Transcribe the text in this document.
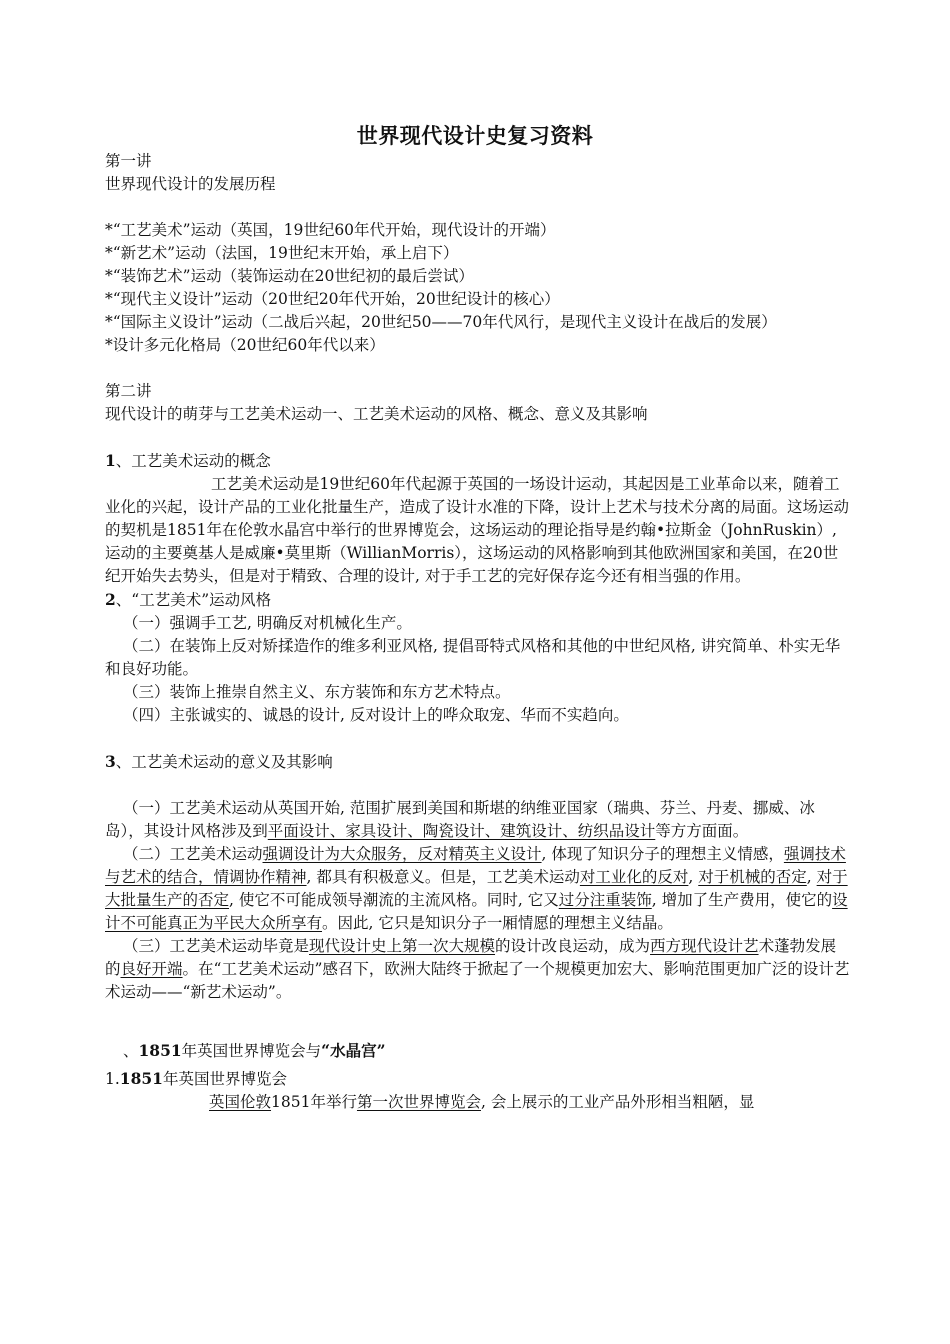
世界现代设计史复习资料

第一讲

世界现代设计的发展历程

*“工艺美术”运动（英国，19世纪60年代开始，现代设计的开端）

*“新艺术”运动（法国，19世纪末开始，承上启下）

*“装饰艺术”运动（装饰运动在20世纪初的最后尝试）

*“现代主义设计”运动（20世纪20年代开始，20世纪设计的核心）

*“国际主义设计”运动（二战后兴起，20世纪50——70年代风行，是现代主义设计在战后的发展）

*设计多元化格局（20世纪60年代以来）

第二讲

现代设计的萌芽与工艺美术运动一、工艺美术运动的风格、概念、意义及其影响

1、工艺美术运动的概念

工艺美术运动是19世纪60年代起源于英国的一场设计运动，其起因是工业革命以来，随着工业化的兴起，设计产品的工业化批量生产，造成了设计水准的下降，设计上艺术与技术分离的局面。这场运动的契机是1851年在伦敦水晶宫中举行的世界博览会，这场运动的理论指导是约翰•拉斯金（JohnRuskin）, 运动的主要奠基人是威廉•莫里斯（WillianMorris），这场运动的风格影响到其他欧洲国家和美国，在20世纪开始失去势头，但是对于精致、合理的设计, 对于手工艺的完好保存迄今还有相当强的作用。

2、“工艺美术”运动风格

（一）强调手工艺, 明确反对机械化生产。

（二）在装饰上反对矫揉造作的维多利亚风格, 提倡哥特式风格和其他的中世纪风格, 讲究简单、朴实无华和良好功能。

（三）装饰上推崇自然主义、东方装饰和东方艺术特点。

（四）主张诚实的、诚恳的设计, 反对设计上的哗众取宠、华而不实趋向。

3、工艺美术运动的意义及其影响

（一）工艺美术运动从英国开始, 范围扩展到美国和斯堪的纳维亚国家（瑞典、芬兰、丹麦、挪威、冰岛），其设计风格涉及到平面设计、家具设计、陶瓷设计、建筑设计、纺织品设计等方方面面。

（二）工艺美术运动强调设计为大众服务，反对精英主义设计, 体现了知识分子的理想主义情感，强调技术与艺术的结合，情调协作精神, 都具有积极意义。但是，工艺美术运动对工业化的反对, 对于机械的否定, 对于大批量生产的否定, 使它不可能成领导潮流的主流风格。同时, 它又过分注重装饰, 增加了生产费用，使它的设计不可能真正为平民大众所享有。因此, 它只是知识分子一厢情愿的理想主义结晶。

（三）工艺美术运动毕竟是现代设计史上第一次大规模的设计改良运动，成为西方现代设计艺术蓬勃发展的良好开端。在“工艺美术运动”感召下，欧洲大陆终于掀起了一个规模更加宏大、影响范围更加广泛的设计艺术运动——“新艺术运动”。

、1851年英国世界博览会与“水晶宫”

1.1851年英国世界博览会

英国伦敦1851年举行第一次世界博览会, 会上展示的工业产品外形相当粗陋，显
